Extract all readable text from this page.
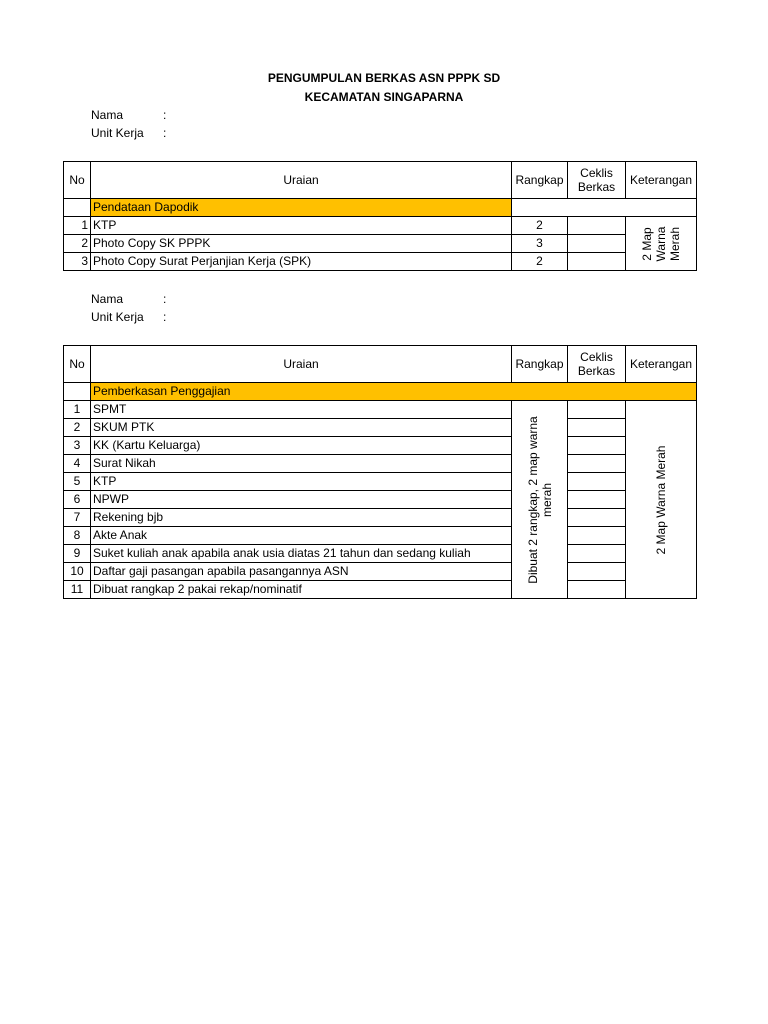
PENGUMPULAN BERKAS ASN PPPK SD
KECAMATAN SINGAPARNA
Nama	:
Unit Kerja :
No	Uraian	Rangkap	Ceklis Berkas	Keterangan
	Pendataan Dapodik			
1	KTP	2		2 Map Warna Merah

2	Photo Copy SK PPPK	3		
3	Photo Copy Surat Perjanjian Kerja (SPK)	2		
Nama	:
Unit Kerja :
No	Uraian	Rangkap	Ceklis Berkas	Keterangan
	Pemberkasan Penggajian			
1	SPMT	Dibuat 2 rangkap, 2 map warna merah		2 Map Warna Merah

2	SKUM PTK			
3	KK (Kartu Keluarga)			
4	Surat Nikah			
5	KTP			
6	NPWP			
7	Rekening bjb			
8	Akte Anak			
9	Suket kuliah anak apabila anak usia diatas 21 tahun dan sedang kuliah			
10	Daftar gaji pasangan apabila pasangannya ASN			
11	Dibuat rangkap 2 pakai rekap/nominatif			
